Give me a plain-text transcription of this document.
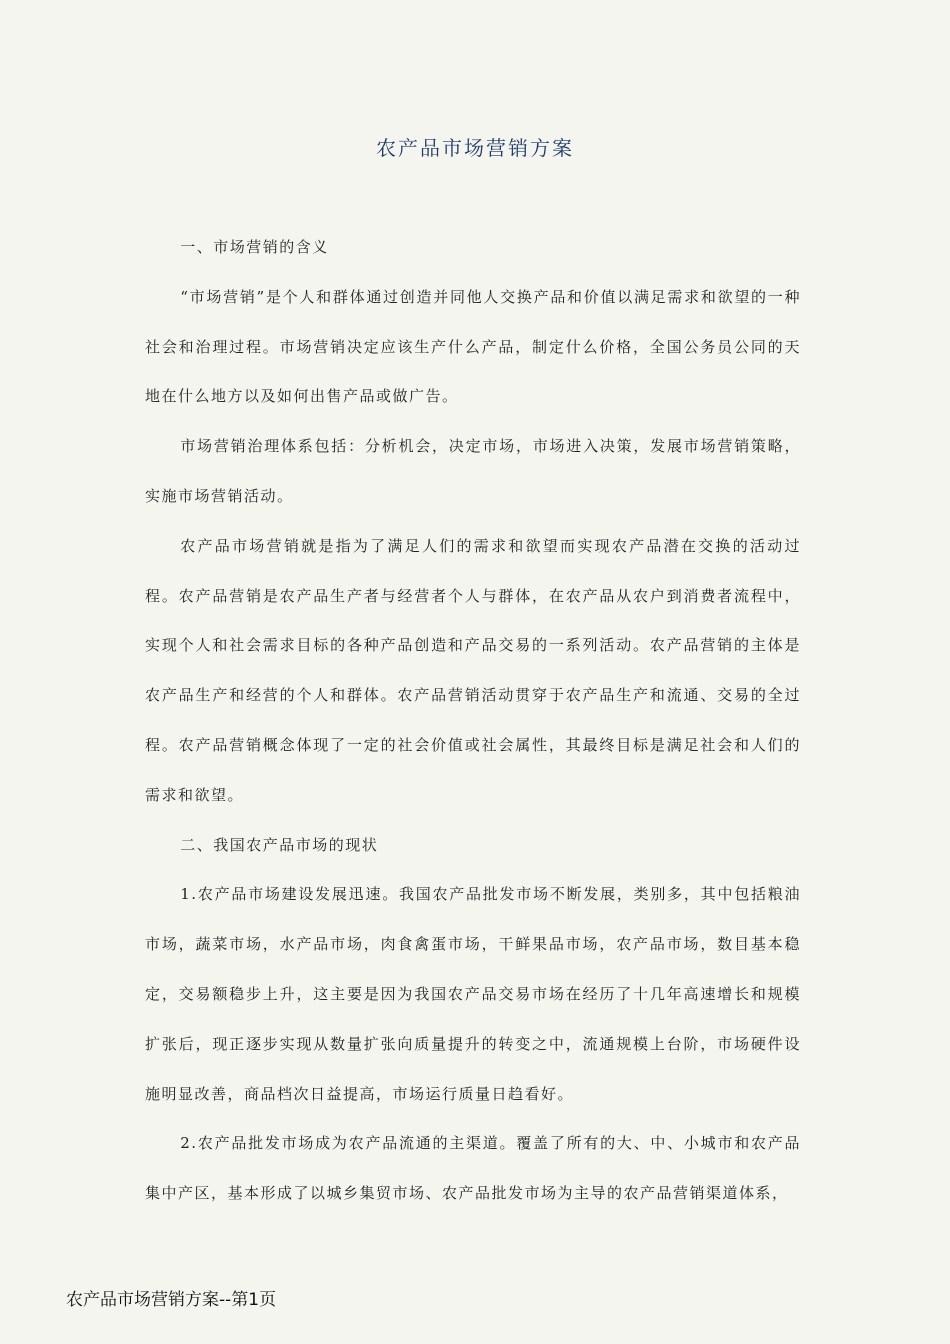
农产品市场营销方案

一、市场营销的含义

“市场营销”是个人和群体通过创造并同他人交换产品和价值以满足需求和欲望的一种社会和治理过程。市场营销决定应该生产什么产品，制定什么价格，全国公务员公同的天地在什么地方以及如何出售产品或做广告。

市场营销治理体系包括：分析机会，决定市场，市场进入决策，发展市场营销策略，实施市场营销活动。

农产品市场营销就是指为了满足人们的需求和欲望而实现农产品潜在交换的活动过程。农产品营销是农产品生产者与经营者个人与群体，在农产品从农户到消费者流程中，实现个人和社会需求目标的各种产品创造和产品交易的一系列活动。农产品营销的主体是农产品生产和经营的个人和群体。农产品营销活动贯穿于农产品生产和流通、交易的全过程。农产品营销概念体现了一定的社会价值或社会属性，其最终目标是满足社会和人们的需求和欲望。

二、我国农产品市场的现状

1.农产品市场建设发展迅速。我国农产品批发市场不断发展，类别多，其中包括粮油市场，蔬菜市场，水产品市场，肉食禽蛋市场，干鲜果品市场，农产品市场，数目基本稳定，交易额稳步上升，这主要是因为我国农产品交易市场在经历了十几年高速增长和规模扩张后，现正逐步实现从数量扩张向质量提升的转变之中，流通规模上台阶，市场硬件设施明显改善，商品档次日益提高，市场运行质量日趋看好。

2.农产品批发市场成为农产品流通的主渠道。覆盖了所有的大、中、小城市和农产品集中产区，基本形成了以城乡集贸市场、农产品批发市场为主导的农产品营销渠道体系，

农产品市场营销方案--第1页
